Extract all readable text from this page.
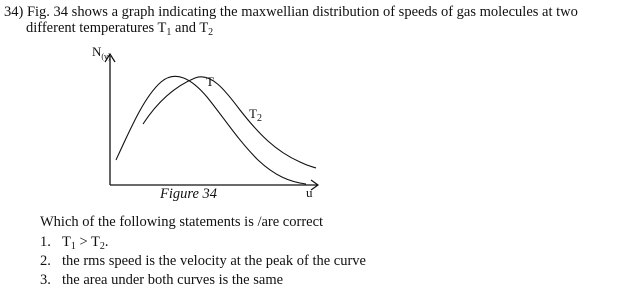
34) Fig. 34 shows a graph indicating the maxwellian distribution of speeds of gas molecules at two
different temperatures $T_1$ and $T_2$
$N_{(v)}$
T
$T_2$
u
Figure 34
Which of the following statements is /are correct
1. $T_1 > T_2$.
2. the rms speed is the velocity at the peak of the curve
3. the area under both curves is the same
